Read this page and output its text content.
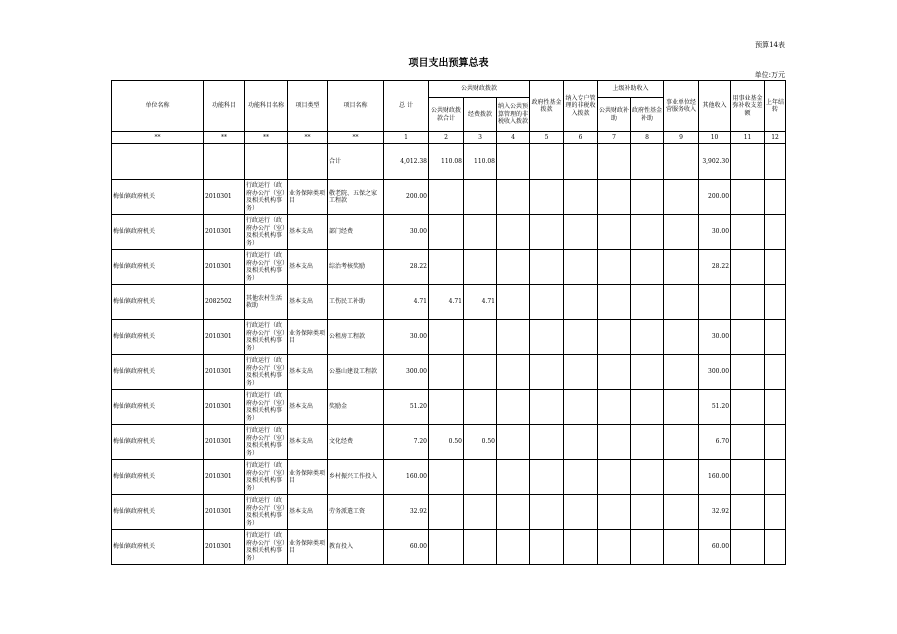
预算14表
项目支出预算总表
单位:万元
单位名称	功能科目	功能科目名称	项目类型	项目名称	总 计	公共财政拨款			政府性基金拨款	纳入专户管理的非税收入拨款	上级补助收入		事业单位经营服务收入	其他收入	用事业基金弥补收支差额	上年结转
						公共财政拨款合计	经费拨款	纳入公共预算管理的非税收入拨款			公共财政补助	政府性基金补助				
**	**	**	**	**	1	2	3	4	5	6	7	8	9	10	11	12
				合计	4,012.38	110.08	110.08							3,902.30		
梅仙镇政府机关	2010301	行政运行（政府办公厅（室）及相关机构事务）	业务保障类项目	敬老院、五保之家工程款	200.00									200.00		
梅仙镇政府机关	2010301	行政运行（政府办公厅（室）及相关机构事务）	基本支出	部门经费	30.00									30.00		
梅仙镇政府机关	2010301	行政运行（政府办公厅（室）及相关机构事务）	基本支出	综治考核奖励	28.22									28.22		
梅仙镇政府机关	2082502	其他农村生活救助	基本支出	工伤民工补助	4.71	4.71	4.71									
梅仙镇政府机关	2010301	行政运行（政府办公厅（室）及相关机构事务）	业务保障类项目	公租房工程款	30.00									30.00		
梅仙镇政府机关	2010301	行政运行（政府办公厅（室）及相关机构事务）	基本支出	公墓山建设工程款	300.00									300.00		
梅仙镇政府机关	2010301	行政运行（政府办公厅（室）及相关机构事务）	基本支出	奖励金	51.20									51.20		
梅仙镇政府机关	2010301	行政运行（政府办公厅（室）及相关机构事务）	基本支出	文化经费	7.20	0.50	0.50							6.70		
梅仙镇政府机关	2010301	行政运行（政府办公厅（室）及相关机构事务）	业务保障类项目	乡村振兴工作投入	160.00									160.00		
梅仙镇政府机关	2010301	行政运行（政府办公厅（室）及相关机构事务）	基本支出	劳务派遣工资	32.92									32.92		
梅仙镇政府机关	2010301	行政运行（政府办公厅（室）及相关机构事务）	业务保障类项目	教育投入	60.00									60.00		
